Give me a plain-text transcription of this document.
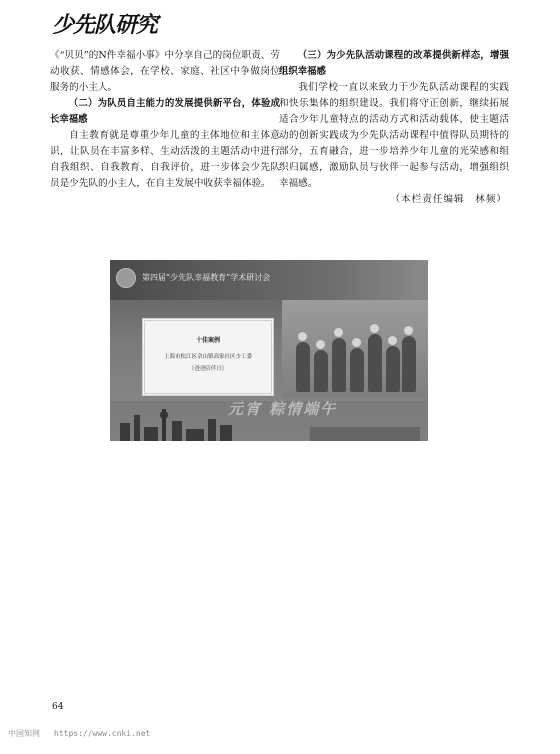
少先队研究

《“贝贝”的N件幸福小事》中分享自己的岗位职责、劳动收获、情感体会，在学校、家庭、社区中争做岗位服务的小主人。

（二）为队员自主能力的发展提供新平台，体验成长幸福感

自主教育就是尊重少年儿童的主体地位和主体意识，让队员在丰富多样、生动活泼的主题活动中进行自我组织、自我教育、自我评价，进一步体会少先队员是少先队的小主人，在自主发展中收获幸福体验。

（三）为少先队活动课程的改革提供新样态，增强组织幸福感

我们学校一直以来致力于少先队活动课程的实践和快乐集体的组织建设。我们将守正创新，继续拓展适合少年儿童特点的活动方式和活动载体，使主题活动的创新实践成为少先队活动课程中值得队员期待的部分，五育融合，进一步培养少年儿童的光荣感和组织归属感，激励队员与伙伴一起参与活动，增强组织幸福感。

（本栏责任编辑　林频）

第四届“少先队幸福教育”学术研讨会
十佳案例
上海市松江区佘山镇高家社区少工委
《爸爸陪伴日》
元宵 粽情端午
64
中国知网 https://www.cnki.net
